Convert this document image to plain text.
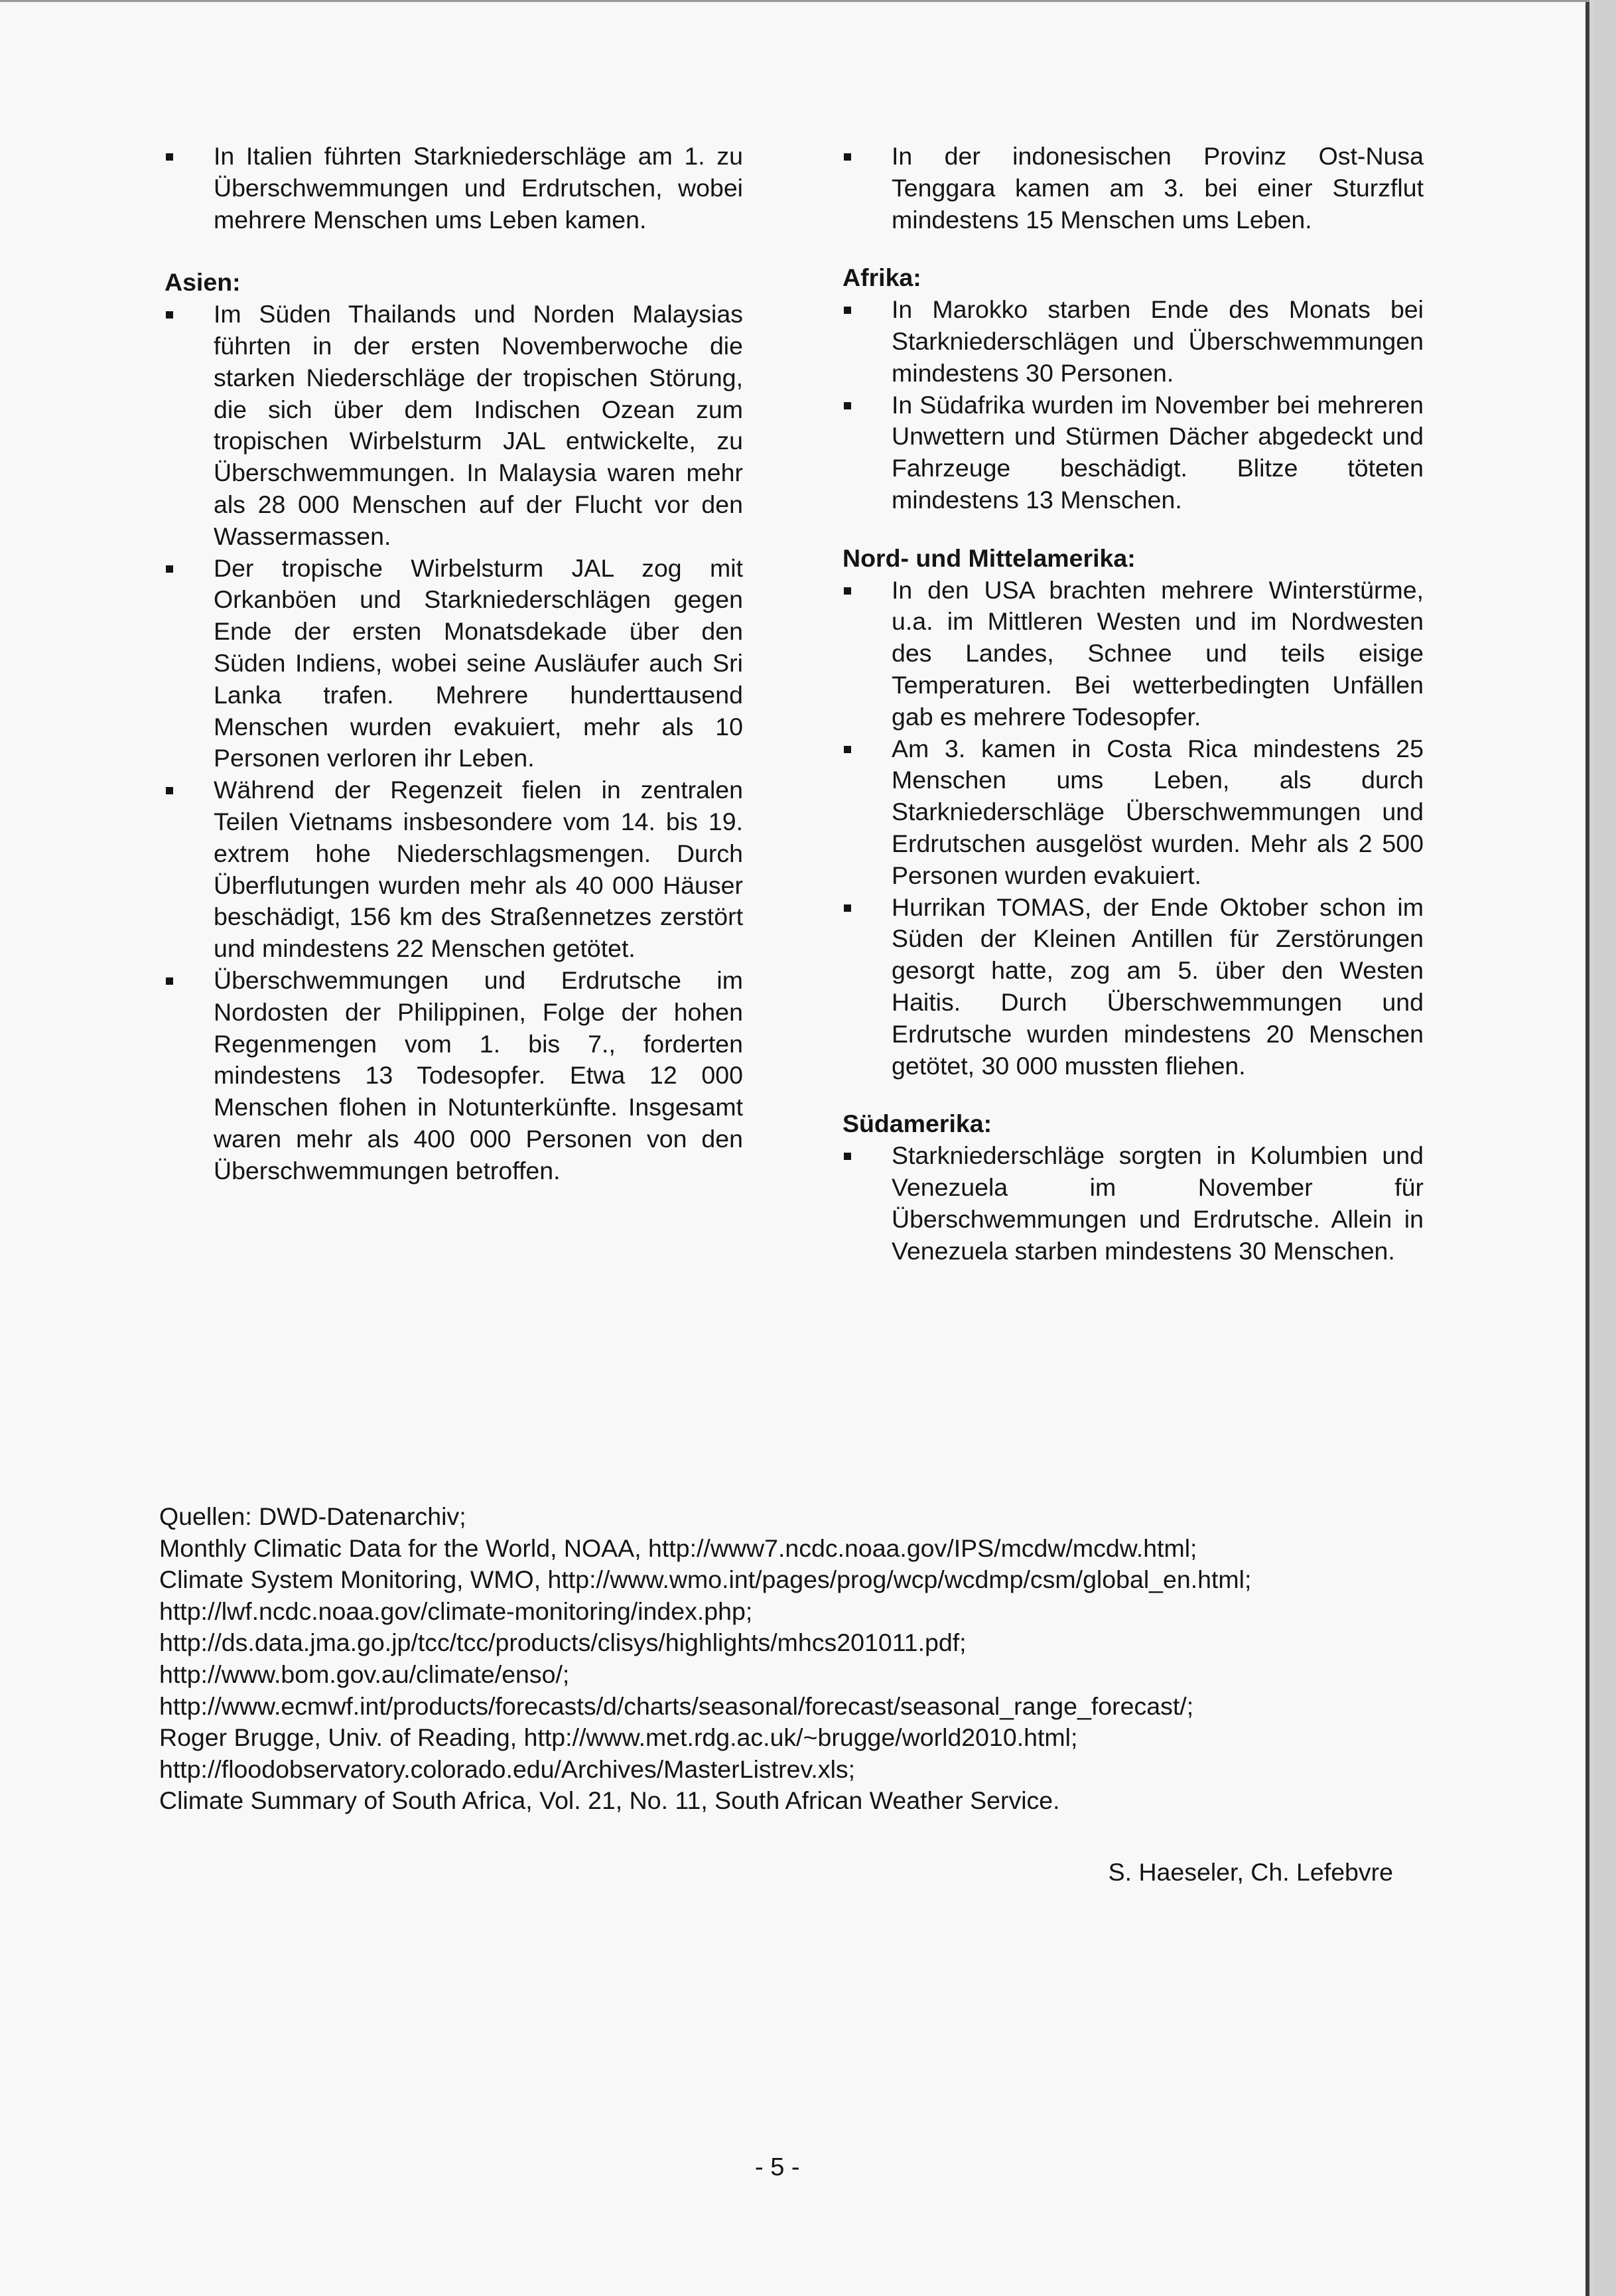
In Italien führten Starkniederschläge am 1. zu Überschwemmungen und Erdrutschen, wobei mehrere Menschen ums Leben kamen.

Asien:

Im Süden Thailands und Norden Malaysias führten in der ersten Novemberwoche die starken Niederschläge der tropischen Störung, die sich über dem Indischen Ozean zum tropischen Wirbelsturm JAL entwickelte, zu Überschwemmungen. In Malaysia waren mehr als 28 000 Menschen auf der Flucht vor den Wassermassen.
Der tropische Wirbelsturm JAL zog mit Orkanböen und Starkniederschlägen gegen Ende der ersten Monatsdekade über den Süden Indiens, wobei seine Ausläufer auch Sri Lanka trafen. Mehrere hunderttausend Menschen wurden evakuiert, mehr als 10 Personen verloren ihr Leben.
Während der Regenzeit fielen in zentralen Teilen Vietnams insbesondere vom 14. bis 19. extrem hohe Niederschlagsmengen. Durch Überflutungen wurden mehr als 40 000 Häuser beschädigt, 156 km des Straßennetzes zerstört und mindestens 22 Menschen getötet.
Überschwemmungen und Erdrutsche im Nordosten der Philippinen, Folge der hohen Regenmengen vom 1. bis 7., forderten mindestens 13 Todesopfer. Etwa 12 000 Menschen flohen in Notunterkünfte. Insgesamt waren mehr als 400 000 Personen von den Überschwemmungen betroffen.
In der indonesischen Provinz Ost-Nusa Tenggara kamen am 3. bei einer Sturzflut mindestens 15 Menschen ums Leben.

Afrika:

In Marokko starben Ende des Monats bei Starkniederschlägen und Überschwemmungen mindestens 30 Personen.
In Südafrika wurden im November bei mehreren Unwettern und Stürmen Dächer abgedeckt und Fahrzeuge beschädigt. Blitze töteten mindestens 13 Menschen.

Nord- und Mittelamerika:

In den USA brachten mehrere Winterstürme, u.a. im Mittleren Westen und im Nordwesten des Landes, Schnee und teils eisige Temperaturen. Bei wetterbedingten Unfällen gab es mehrere Todesopfer.
Am 3. kamen in Costa Rica mindestens 25 Menschen ums Leben, als durch Starkniederschläge Überschwemmungen und Erdrutschen ausgelöst wurden. Mehr als 2 500 Personen wurden evakuiert.
Hurrikan TOMAS, der Ende Oktober schon im Süden der Kleinen Antillen für Zerstörungen gesorgt hatte, zog am 5. über den Westen Haitis. Durch Überschwemmungen und Erdrutsche wurden mindestens 20 Menschen getötet, 30 000 mussten fliehen.

Südamerika:

Starkniederschläge sorgten in Kolumbien und Venezuela im November für Überschwemmungen und Erdrutsche. Allein in Venezuela starben mindestens 30 Menschen.
Quellen: DWD-Datenarchiv;
Monthly Climatic Data for the World, NOAA, http://www7.ncdc.noaa.gov/IPS/mcdw/mcdw.html;
Climate System Monitoring, WMO, http://www.wmo.int/pages/prog/wcp/wcdmp/csm/global_en.html;
http://lwf.ncdc.noaa.gov/climate-monitoring/index.php;
http://ds.data.jma.go.jp/tcc/tcc/products/clisys/highlights/mhcs201011.pdf;
http://www.bom.gov.au/climate/enso/;
http://www.ecmwf.int/products/forecasts/d/charts/seasonal/forecast/seasonal_range_forecast/;
Roger Brugge, Univ. of Reading, http://www.met.rdg.ac.uk/~brugge/world2010.html;
http://floodobservatory.colorado.edu/Archives/MasterListrev.xls;
Climate Summary of South Africa, Vol. 21, No. 11, South African Weather Service.
S. Haeseler, Ch. Lefebvre
- 5 -
